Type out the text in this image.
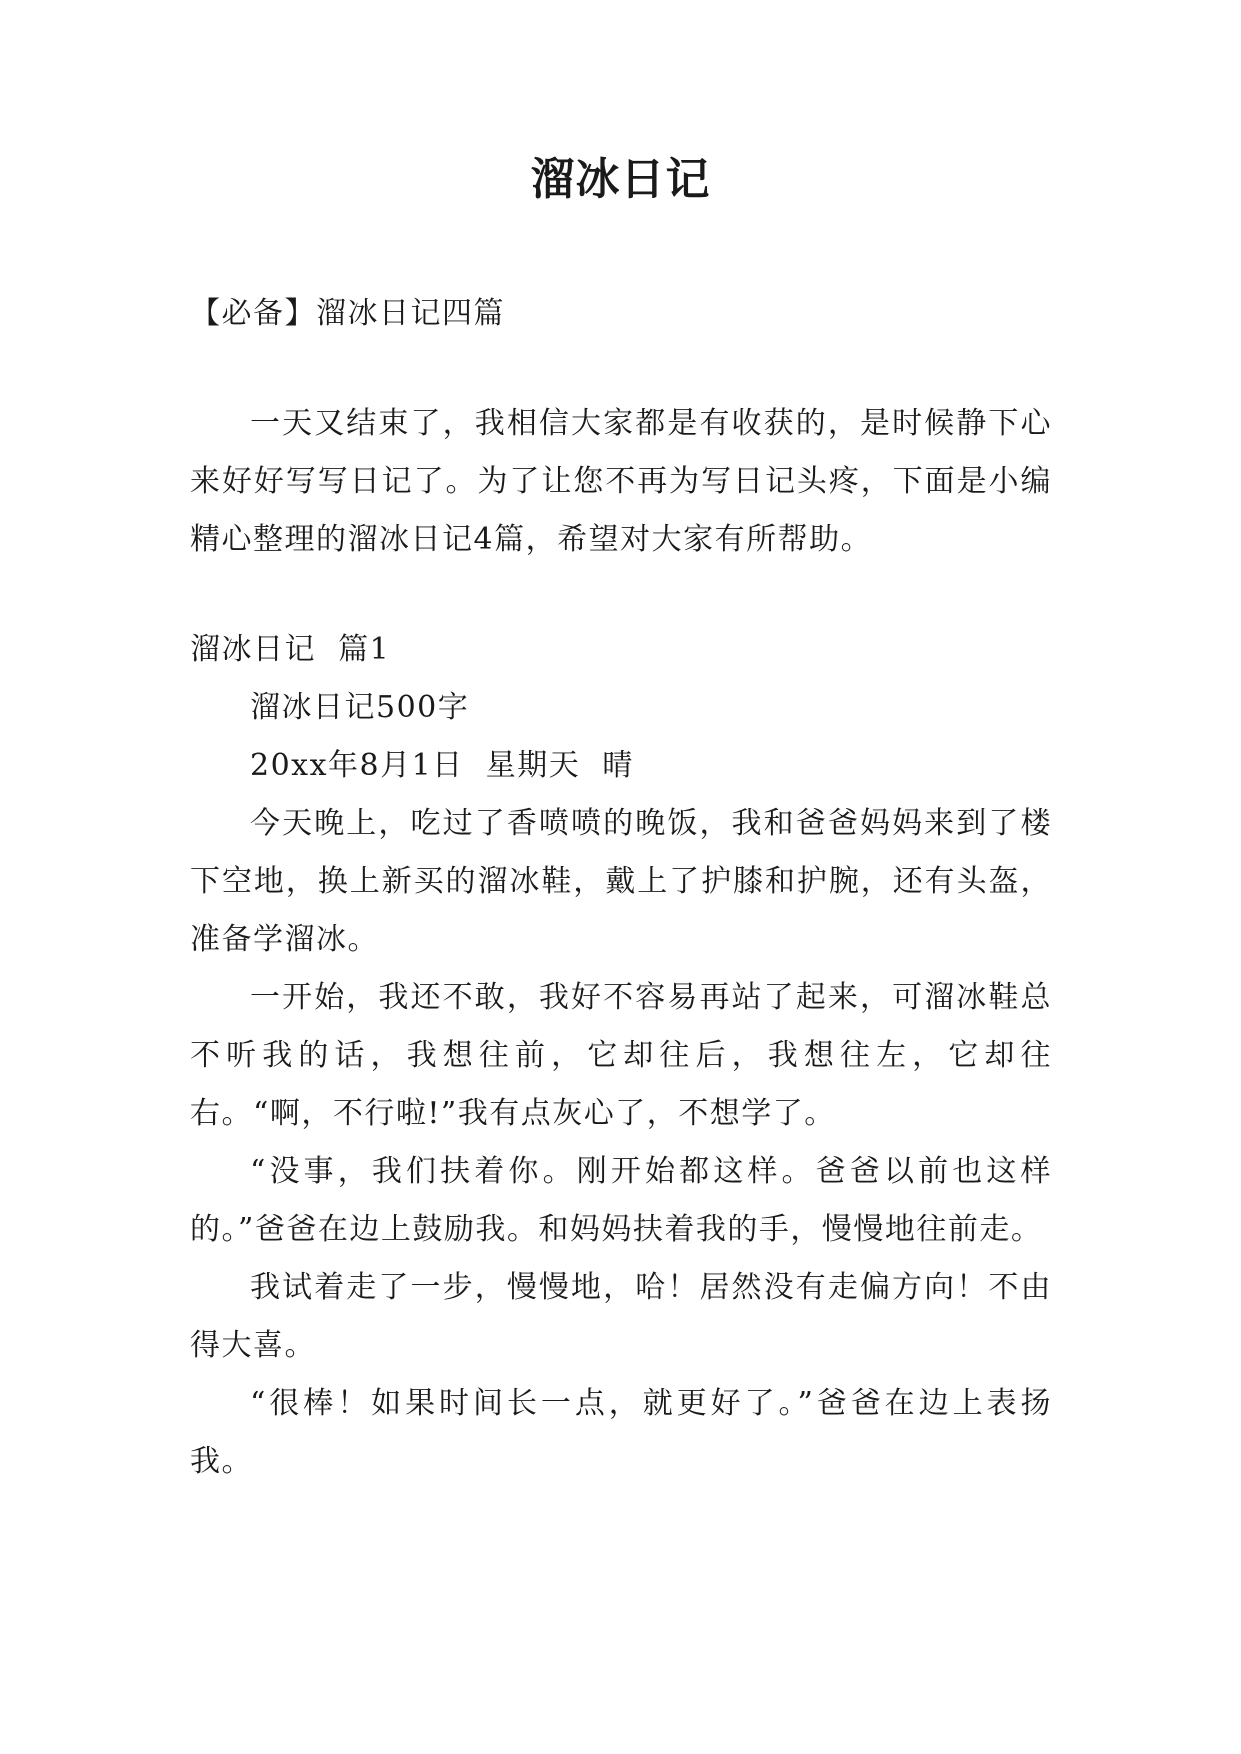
溜冰日记

【必备】溜冰日记四篇

一天又结束了，我相信大家都是有收获的，是时候静下心来好好写写日记了。为了让您不再为写日记头疼，下面是小编精心整理的溜冰日记4篇，希望对大家有所帮助。

溜冰日记  篇1

溜冰日记500字

20xx年8月1日  星期天  晴

今天晚上，吃过了香喷喷的晚饭，我和爸爸妈妈来到了楼下空地，换上新买的溜冰鞋，戴上了护膝和护腕，还有头盔，准备学溜冰。

一开始，我还不敢，我好不容易再站了起来，可溜冰鞋总不听我的话，我想往前，它却往后，我想往左，它却往右。“啊，不行啦!”我有点灰心了，不想学了。

“没事，我们扶着你。刚开始都这样。爸爸以前也这样的。”爸爸在边上鼓励我。和妈妈扶着我的手，慢慢地往前走。

我试着走了一步，慢慢地，哈！居然没有走偏方向！不由得大喜。

“很棒！如果时间长一点，就更好了。”爸爸在边上表扬我。
